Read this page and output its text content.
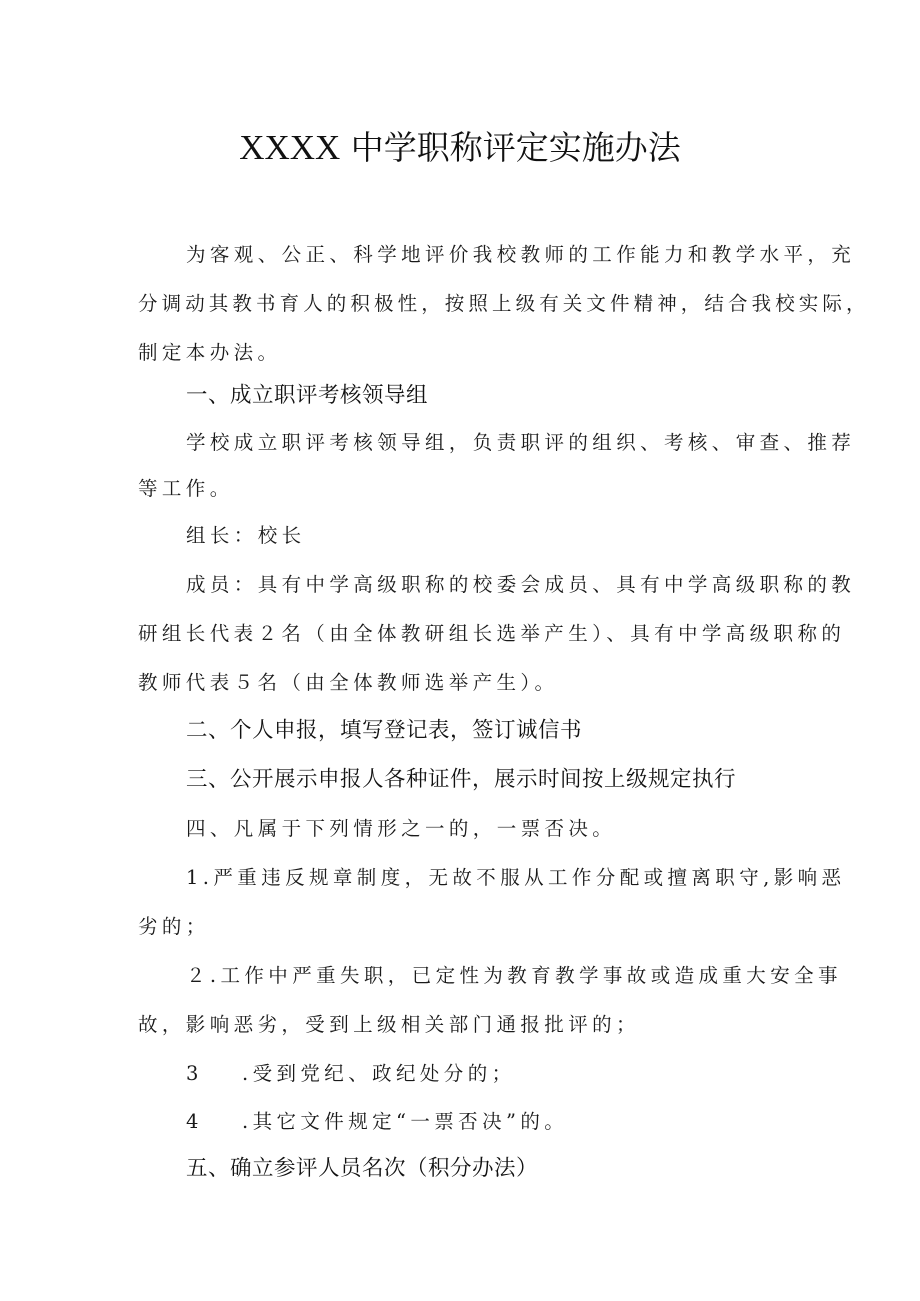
XXXX 中学职称评定实施办法
为客观、公正、科学地评价我校教师的工作能力和教学水平，充
分调动其教书育人的积极性，按照上级有关文件精神，结合我校实际，
制定本办法。
一、成立职评考核领导组
学校成立职评考核领导组，负责职评的组织、考核、审查、推荐
等工作。
组长：校长
成员：具有中学高级职称的校委会成员、具有中学高级职称的教
研组长代表２名（由全体教研组长选举产生）、具有中学高级职称的
教师代表５名（由全体教师选举产生）。
二、个人申报，填写登记表，签订诚信书
三、公开展示申报人各种证件，展示时间按上级规定执行
四、凡属于下列情形之一的，一票否决。
1.严重违反规章制度，无故不服从工作分配或擅离职守,影响恶
劣的；
２.工作中严重失职，已定性为教育教学事故或造成重大安全事
故，影响恶劣，受到上级相关部门通报批评的；
3 .受到党纪、政纪处分的；
4 .其它文件规定“一票否决”的。
五、确立参评人员名次（积分办法）
